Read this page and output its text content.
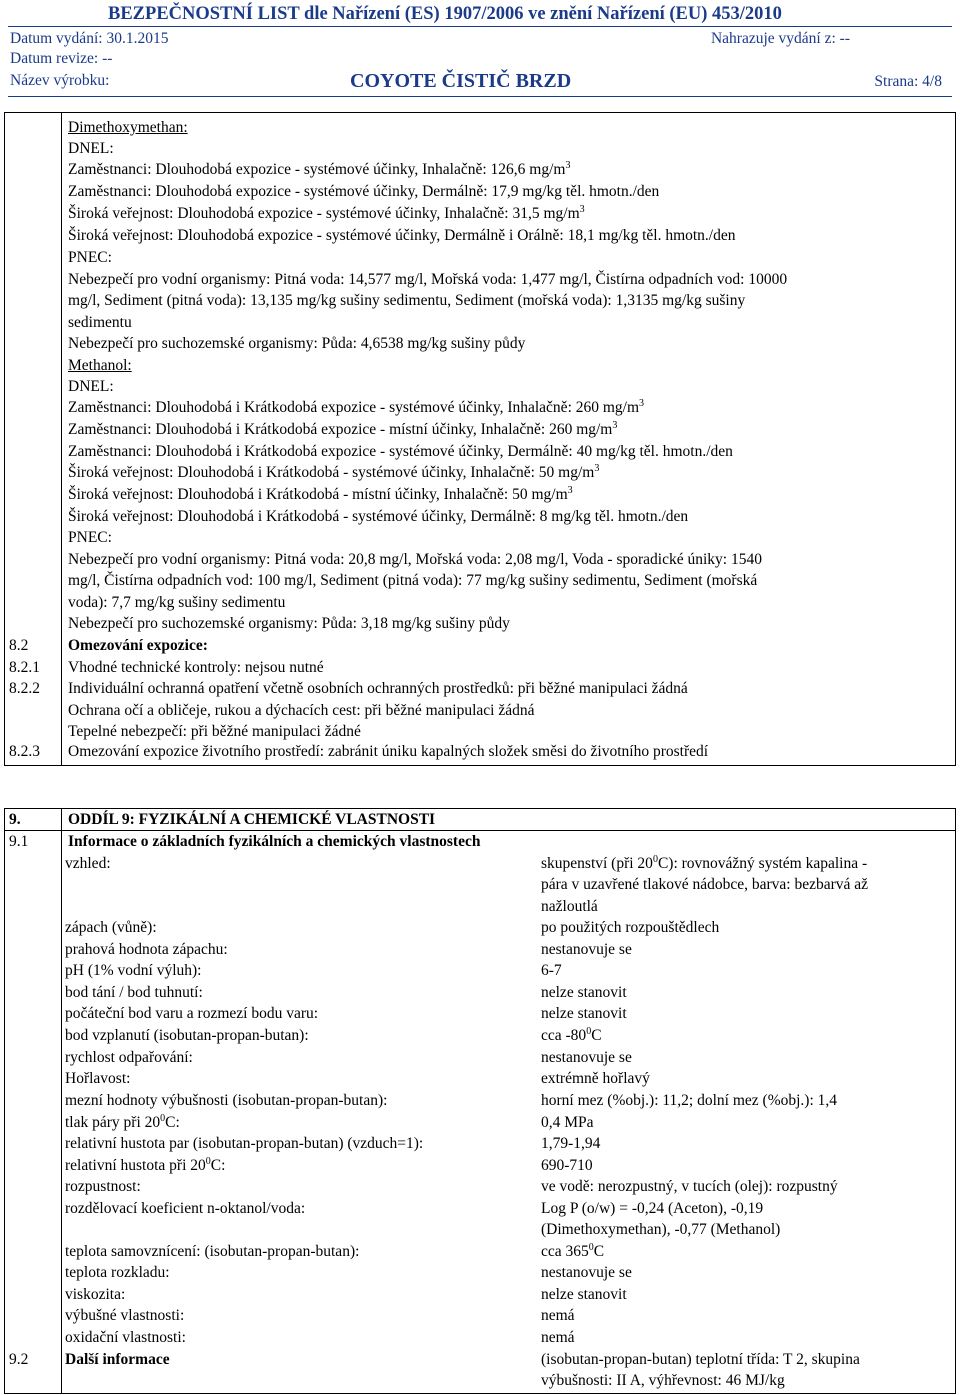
BEZPEČNOSTNÍ LIST dle Nařízení (ES) 1907/2006 ve znění Nařízení (EU) 453/2010
Datum vydání: 30.1.2015	Nahrazuje vydání z: --
Datum revize: --
Název výrobku:	COYOTE ČISTIČ BRZD	Strana: 4/8
Dimethoxymethan:
DNEL:
Zaměstnanci: Dlouhodobá expozice - systémové účinky, Inhalačně: 126,6 $mg/m^3$
Zaměstnanci: Dlouhodobá expozice - systémové účinky, Dermálně: 17,9 mg/kg těl. hmotn./den
Široká veřejnost: Dlouhodobá expozice - systémové účinky, Inhalačně: 31,5 $mg/m^3$
Široká veřejnost: Dlouhodobá expozice - systémové účinky, Dermálně i Orálně: 18,1 mg/kg těl. hmotn./den
PNEC:
Nebezpečí pro vodní organismy: Pitná voda: 14,577 mg/l, Mořská voda: 1,477 mg/l, Čistírna odpadních vod: 10000
mg/l, Sediment (pitná voda): 13,135 mg/kg sušiny sedimentu, Sediment (mořská voda): 1,3135 mg/kg sušiny
sedimentu
Nebezpečí pro suchozemské organismy: Půda: 4,6538 mg/kg sušiny půdy
Methanol:
DNEL:
Zaměstnanci: Dlouhodobá i Krátkodobá expozice - systémové účinky, Inhalačně: 260 $mg/m^3$
Zaměstnanci: Dlouhodobá i Krátkodobá expozice - místní účinky, Inhalačně: 260 $mg/m^3$
Zaměstnanci: Dlouhodobá i Krátkodobá expozice - systémové účinky, Dermálně: 40 mg/kg těl. hmotn./den
Široká veřejnost: Dlouhodobá i Krátkodobá - systémové účinky, Inhalačně: 50 $mg/m^3$
Široká veřejnost: Dlouhodobá i Krátkodobá - místní účinky, Inhalačně: 50 $mg/m^3$
Široká veřejnost: Dlouhodobá i Krátkodobá - systémové účinky, Dermálně: 8 mg/kg těl. hmotn./den
PNEC:
Nebezpečí pro vodní organismy: Pitná voda: 20,8 mg/l, Mořská voda: 2,08 mg/l, Voda - sporadické úniky: 1540
mg/l, Čistírna odpadních vod: 100 mg/l, Sediment (pitná voda): 77 mg/kg sušiny sedimentu, Sediment (mořská
voda): 7,7 mg/kg sušiny sedimentu
Nebezpečí pro suchozemské organismy: Půda: 3,18 mg/kg sušiny půdy
8.2	Omezování expozice:
8.2.1 Vhodné technické kontroly: nejsou nutné
8.2.2 Individuální ochranná opatření včetně osobních ochranných prostředků: při běžné manipulaci žádná
Ochrana očí a obličeje, rukou a dýchacích cest: při běžné manipulaci žádná
Tepelné nebezpečí: při běžné manipulaci žádné
8.2.3 Omezování expozice životního prostředí: zabránit úniku kapalných složek směsi do životního prostředí
9.	ODDÍL 9: FYZIKÁLNÍ A CHEMICKÉ VLASTNOSTI
9.1	Informace o základních fyzikálních a chemických vlastnostech
vzhled:	skupenství (při $20^0C$): rovnovážný systém kapalina -
pára v uzavřené tlakové nádobce, barva: bezbarvá až
nažloutlá
zápach (vůně):	po použitých rozpouštědlech
prahová hodnota zápachu:	nestanovuje se
pH (1% vodní výluh):	6-7
bod tání / bod tuhnutí:	nelze stanovit
počáteční bod varu a rozmezí bodu varu:	nelze stanovit
bod vzplanutí (isobutan-propan-butan):	cca $-80^0C$
rychlost odpařování:	nestanovuje se
Hořlavost:	extrémně hořlavý
mezní hodnoty výbušnosti (isobutan-propan-butan):	horní mez (%obj.): 11,2; dolní mez (%obj.): 1,4
tlak páry při $20^0C$:	0,4 MPa
relativní hustota par (isobutan-propan-butan) (vzduch=1):	1,79-1,94
relativní hustota při $20^0C$:	690-710
rozpustnost:	ve vodě: nerozpustný, v tucích (olej): rozpustný
rozdělovací koeficient n-oktanol/voda:	Log P (o/w) = -0,24 (Aceton), -0,19
(Dimethoxymethan), -0,77 (Methanol)
teplota samovznícení: (isobutan-propan-butan):	cca $365^0C$
teplota rozkladu:	nestanovuje se
viskozita:	nelze stanovit
výbušné vlastnosti:	nemá
oxidační vlastnosti:	nemá
9.2 Další informace	(isobutan-propan-butan) teplotní třída: T 2, skupina
výbušnosti: II A, výhřevnost: 46 MJ/kg
